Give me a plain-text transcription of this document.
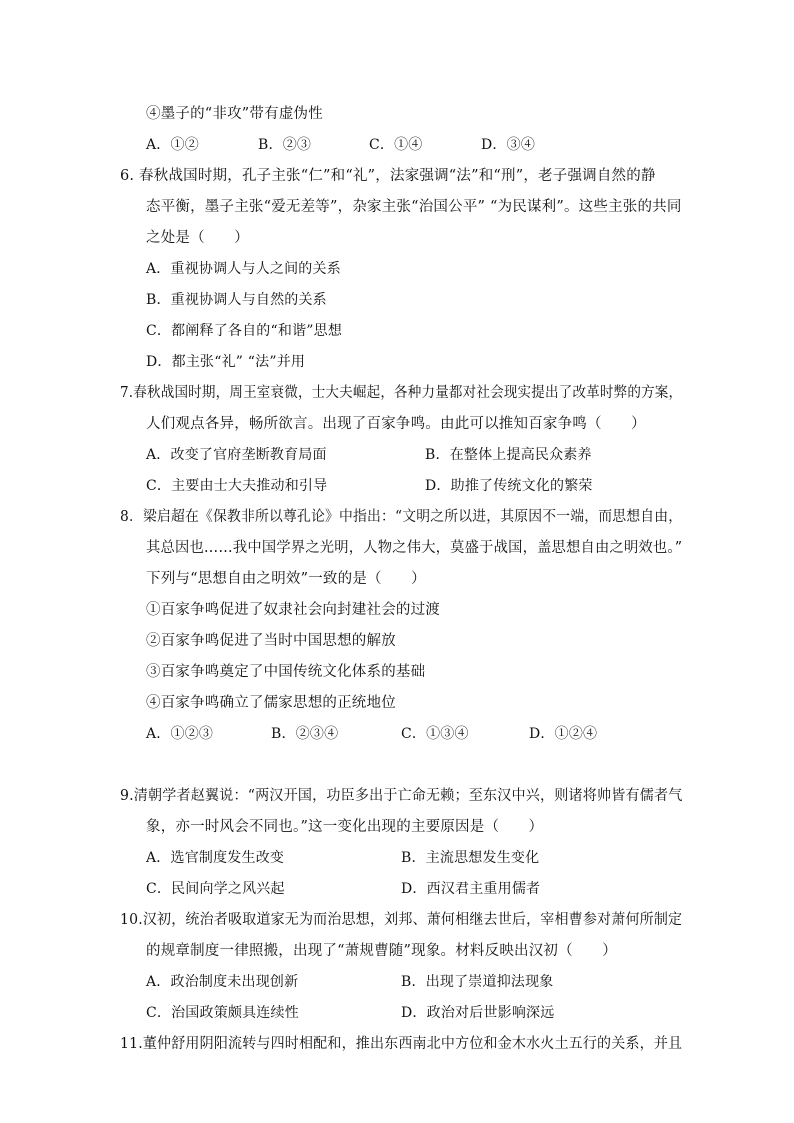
④墨子的“非攻”带有虚伪性
A．①②	B．②③	C．①④	D．③④
6. 春秋战国时期，孔子主张“仁”和“礼”，法家强调“法”和“刑”，老子强调自然的静
态平衡，墨子主张“爱无差等”，杂家主张“治国公平” “为民谋利”。这些主张的共同
之处是（　　）
A．重视协调人与人之间的关系
B．重视协调人与自然的关系
C．都阐释了各自的“和谐”思想
D．都主张“礼” “法”并用
7.春秋战国时期，周王室衰微，士大夫崛起，各种力量都对社会现实提出了改革时弊的方案，
人们观点各异，畅所欲言。出现了百家争鸣。由此可以推知百家争鸣（　　）
A．改变了官府垄断教育局面	B．在整体上提高民众素养
C．主要由士大夫推动和引导	D．助推了传统文化的繁荣
8．梁启超在《保教非所以尊孔论》中指出：“文明之所以进，其原因不一端，而思想自由，
其总因也……我中国学界之光明，人物之伟大，莫盛于战国，盖思想自由之明效也。”
下列与“思想自由之明效”一致的是（　　）
①百家争鸣促进了奴隶社会向封建社会的过渡
②百家争鸣促进了当时中国思想的解放
③百家争鸣奠定了中国传统文化体系的基础
④百家争鸣确立了儒家思想的正统地位
A．①②③	B．②③④	C．①③④	D．①②④
9.清朝学者赵翼说：“两汉开国，功臣多出于亡命无赖；至东汉中兴，则诸将帅皆有儒者气
象，亦一时风会不同也。”这一变化出现的主要原因是（　　）
A．选官制度发生改变	B．主流思想发生变化
C．民间向学之风兴起	D．西汉君主重用儒者
10.汉初，统治者吸取道家无为而治思想，刘邦、萧何相继去世后，宰相曹参对萧何所制定
的规章制度一律照搬，出现了“萧规曹随”现象。材料反映出汉初（　　）
A．政治制度未出现创新	B．出现了崇道抑法现象
C．治国政策颇具连续性	D．政治对后世影响深远
11.董仲舒用阴阳流转与四时相配和，推出东西南北中方位和金木水火土五行的关系，并且
